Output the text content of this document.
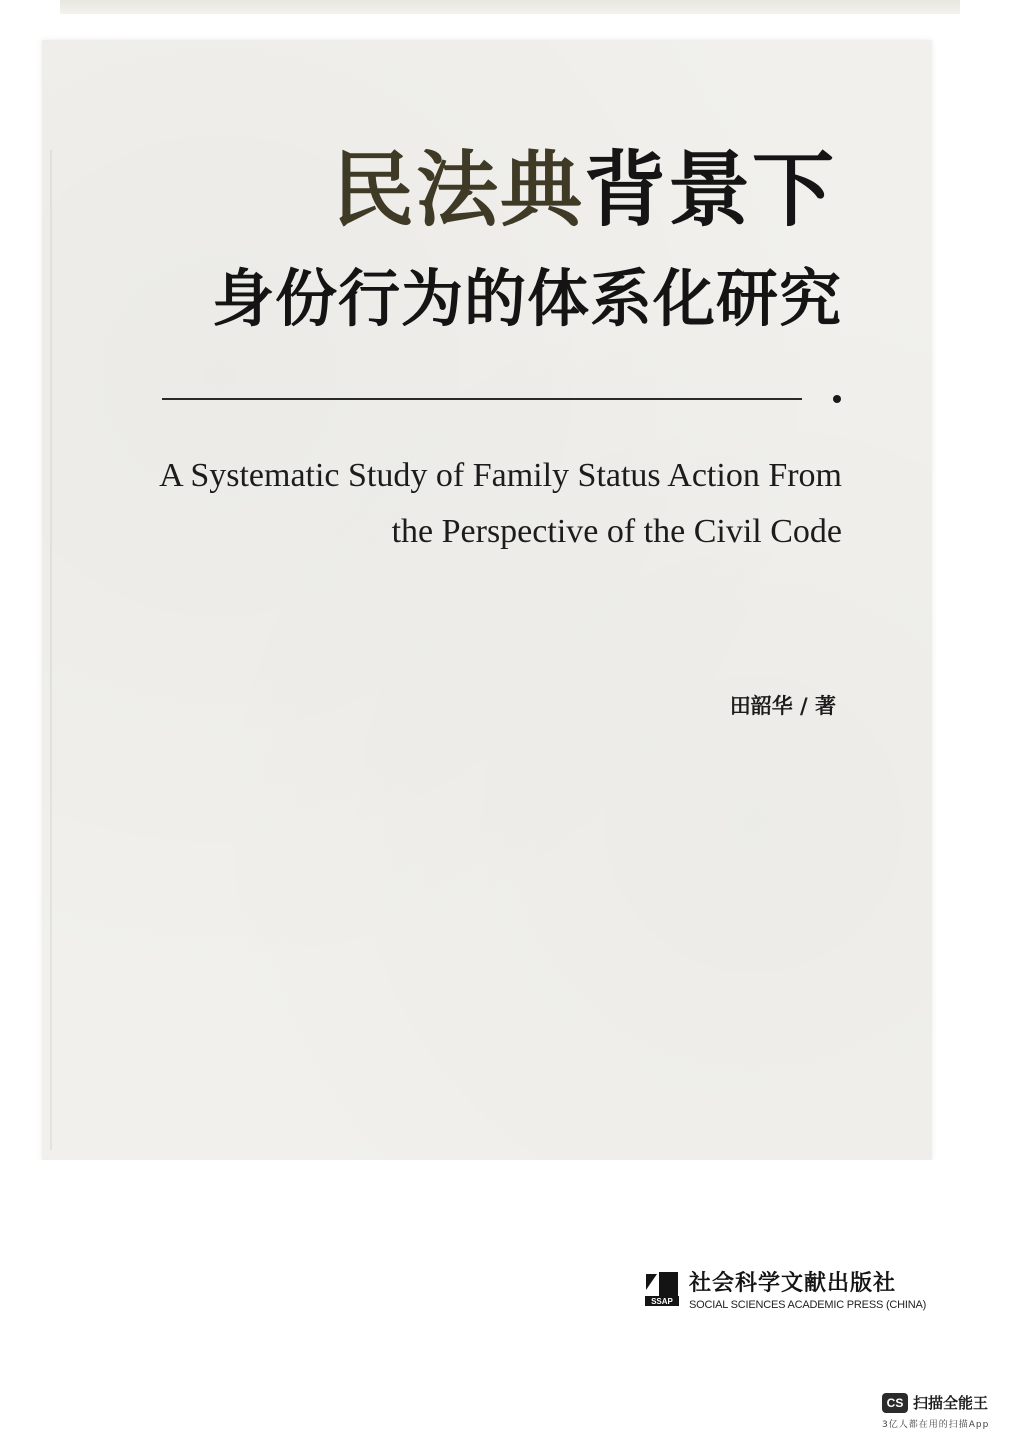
民法典背景下
身份行为的体系化研究
A Systematic Study of Family Status Action From
the Perspective of the Civil Code
田韶华 / 著
SSAP
社会科学文献出版社
SOCIAL SCIENCES ACADEMIC PRESS (CHINA)
CS 扫描全能王
3亿人都在用的扫描App
